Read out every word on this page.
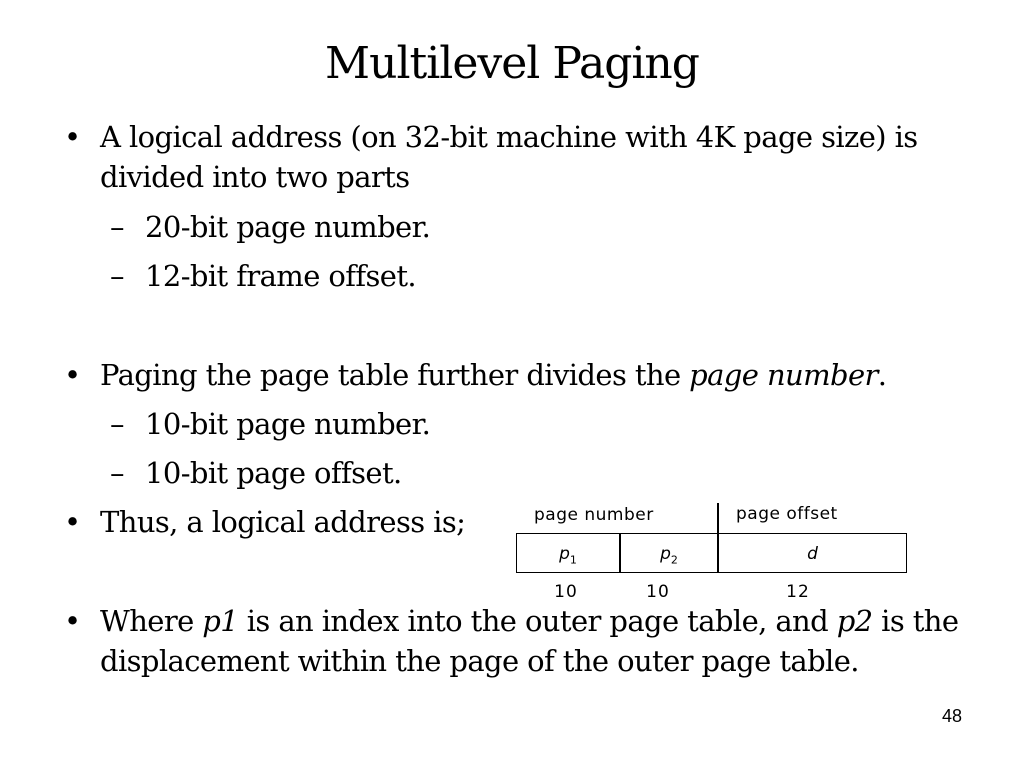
Multilevel Paging
• A logical address (on 32-bit machine with 4K page size) is divided into two parts
– 20-bit page number.
– 12-bit frame offset.
• Paging the page table further divides the page number.
– 10-bit page number.
– 10-bit page offset.
• Thus, a logical address is;	page number	page offset
$p_1$	$p_2$	d
10	10	12
• Where p1 is an index into the outer page table, and p2 is the displacement within the page of the outer page table.
48
